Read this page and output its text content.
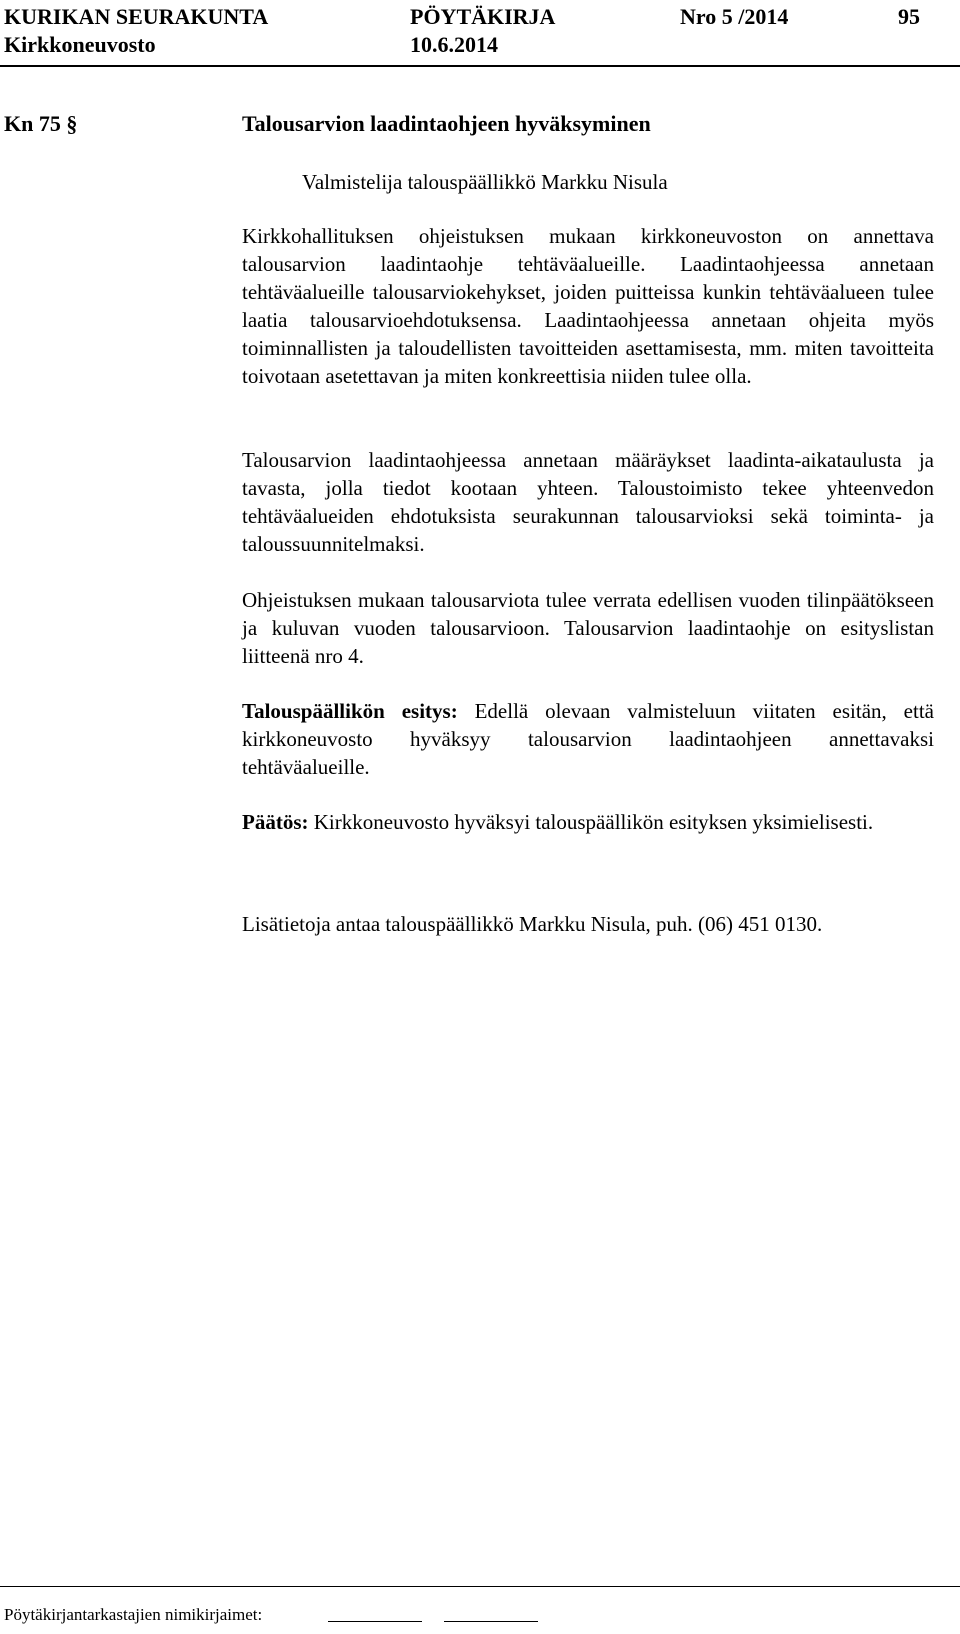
KURIKAN SEURAKUNTA	PÖYTÄKIRJA	Nro 5 /2014	95
Kirkkoneuvosto	10.6.2014
Kn 75 §	Talousarvion laadintaohjeen hyväksyminen
Valmistelija talouspäällikkö Markku Nisula

Kirkkohallituksen ohjeistuksen mukaan kirkkoneuvoston on annettava talousarvion laadintaohje tehtäväalueille. Laadintaohjeessa annetaan tehtäväalueille talousarviokehykset, joiden puitteissa kunkin tehtäväalueen tulee laatia talousarvioehdotuksensa. Laadintaohjeessa annetaan ohjeita myös toiminnallisten ja taloudellisten tavoitteiden asettamisesta, mm. miten tavoitteita toivotaan asetettavan ja miten konkreettisia niiden tulee olla.

Talousarvion laadintaohjeessa annetaan määräykset laadinta-aikataulusta ja tavasta, jolla tiedot kootaan yhteen. Taloustoimisto tekee yhteenvedon tehtäväalueiden ehdotuksista seurakunnan talousarvioksi sekä toiminta- ja taloussuunnitelmaksi.

Ohjeistuksen mukaan talousarviota tulee verrata edellisen vuoden tilinpäätökseen ja kuluvan vuoden talousarvioon. Talousarvion laadintaohje on esityslistan liitteenä nro 4.

Talouspäällikön esitys: Edellä olevaan valmisteluun viitaten esitän, että kirkkoneuvosto hyväksyy talousarvion laadintaohjeen annettavaksi tehtäväalueille.

Päätös: Kirkkoneuvosto hyväksyi talouspäällikön esityksen yksimielisesti.

Lisätietoja antaa talouspäällikkö Markku Nisula, puh. (06) 451 0130.

Pöytäkirjantarkastajien nimikirjaimet:
